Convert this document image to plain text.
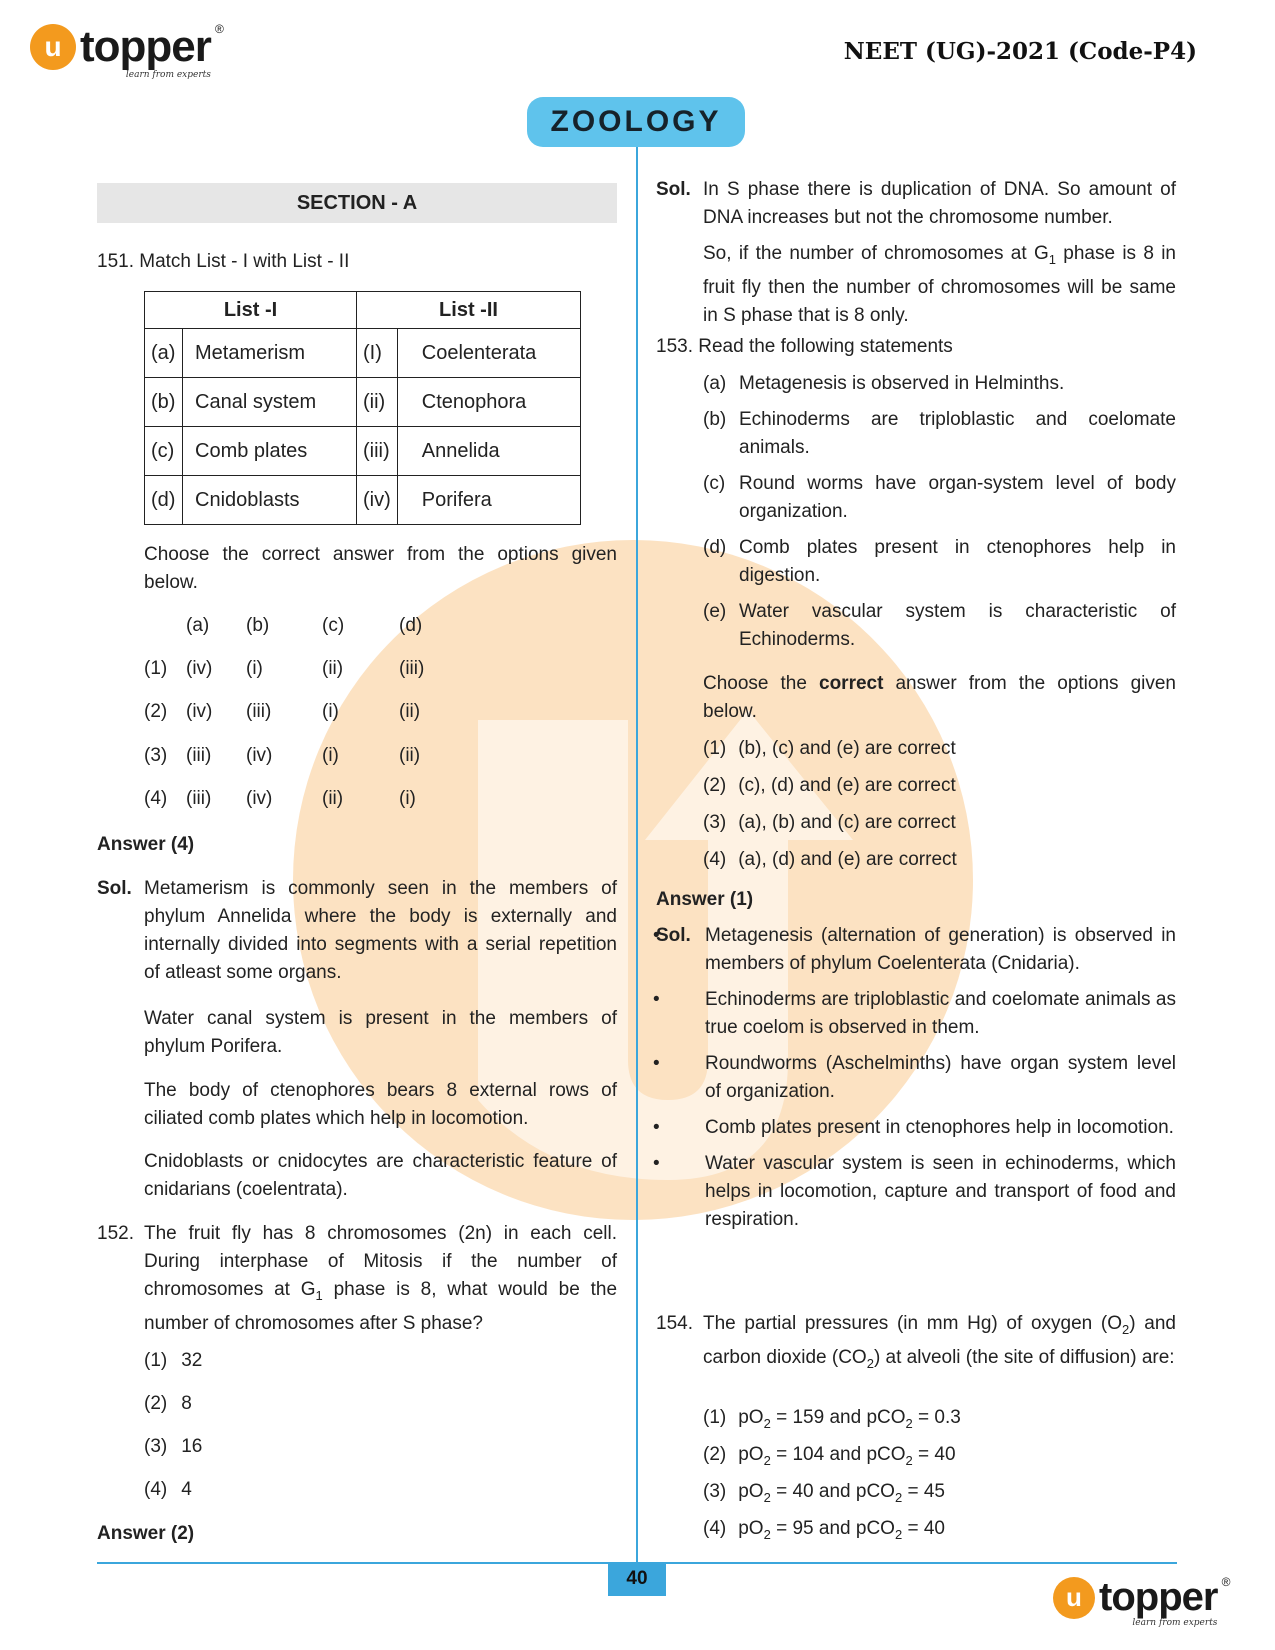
u topper ®
learn from experts
NEET (UG)-2021 (Code-P4)
ZOOLOGY
SECTION - A
151. Match List - I with List - II
List -I		List -II	
(a)	Metamerism	(I)	Coelenterata
(b)	Canal system	(ii)	Ctenophora
(c)	Comb plates	(iii)	Annelida
(d)	Cnidoblasts	(iv)	Porifera
Choose the correct answer from the options given below.
(a) (b)	(c)	(d)
(1) (iv) (i)	(ii)	(iii)
(2) (iv) (iii)	(i)	(ii)
(3) (iii) (iv)	(i)	(ii)
(4) (iii) (iv)	(ii)	(i)
Answer (4)
Sol. Metamerism is commonly seen in the members of phylum Annelida where the body is externally and internally divided into segments with a serial repetition of atleast some organs.
Water canal system is present in the members of phylum Porifera.
The body of ctenophores bears 8 external rows of ciliated comb plates which help in locomotion.
Cnidoblasts or cnidocytes are characteristic feature of cnidarians (coelentrata).
152. The fruit fly has 8 chromosomes (2n) in each cell. During interphase of Mitosis if the number of chromosomes at $G_1$ phase is 8, what would be the number of chromosomes after S phase?
(1) 32
(2) 8
(3) 16
(4) 4
Answer (2)
Sol. In S phase there is duplication of DNA. So amount of DNA increases but not the chromosome number.
So, if the number of chromosomes at $G_1$ phase is 8 in fruit fly then the number of chromosomes will be same in S phase that is 8 only.
153. Read the following statements
(a) Metagenesis is observed in Helminths.
(b) Echinoderms are triploblastic and coelomate animals.
(c) Round worms have organ-system level of body organization.
(d) Comb plates present in ctenophores help in digestion.
(e) Water vascular system is characteristic of Echinoderms.
Choose the correct answer from the options given below.
(1) (b), (c) and (e) are correct
(2) (c), (d) and (e) are correct
(3) (a), (b) and (c) are correct
(4) (a), (d) and (e) are correct
Answer (1)
Sol. • Metagenesis (alternation of generation) is observed in members of phylum Coelenterata (Cnidaria).
• Echinoderms are triploblastic and coelomate animals as true coelom is observed in them.
• Roundworms (Aschelminths) have organ system level of organization.
• Comb plates present in ctenophores help in locomotion.
• Water vascular system is seen in echinoderms, which helps in locomotion, capture and transport of food and respiration.
154. The partial pressures (in mm Hg) of oxygen $(O_2)$ and carbon dioxide $(CO_2)$ at alveoli (the site of diffusion) are:
(1) $pO_2 = 159$ and pCO$_2$ = 0.3
(2) $pO_2 = 104$ and pCO$_2$ = 40
(3) $pO_2 = 40$ and pCO$_2$ = 45
(4) $pO_2 = 95$ and pCO$_2$ = 40
40
u topper ®
learn from experts
